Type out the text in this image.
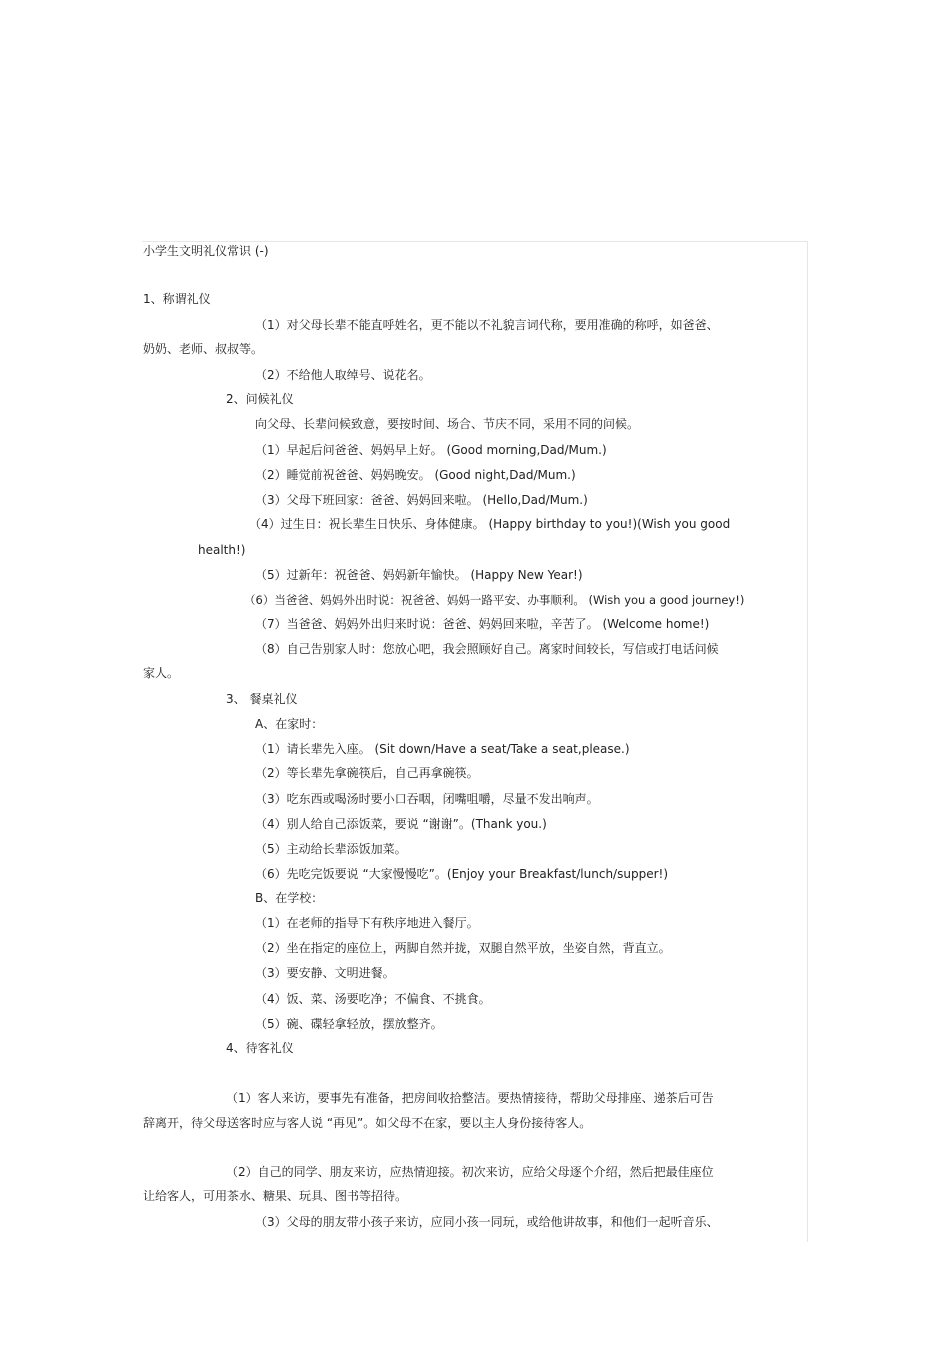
小学生文明礼仪常识 (-)
1、称谓礼仪
（1）对父母长辈不能直呼姓名，更不能以不礼貌言词代称，要用准确的称呼，如爸爸、
奶奶、老师、叔叔等。
（2）不给他人取绰号、说花名。
2、问候礼仪
向父母、长辈问候致意，要按时间、场合、节庆不同，采用不同的问候。
（1）早起后问爸爸、妈妈早上好。 (Good morning,Dad/Mum.)
（2）睡觉前祝爸爸、妈妈晚安。 (Good night,Dad/Mum.)
（3）父母下班回家：爸爸、妈妈回来啦。 (Hello,Dad/Mum.)
（4）过生日：祝长辈生日快乐、身体健康。 (Happy birthday to you!)(Wish you good
health!)
（5）过新年：祝爸爸、妈妈新年愉快。 (Happy New Year!)
（6）当爸爸、妈妈外出时说：祝爸爸、妈妈一路平安、办事顺利。 (Wish you a good journey!)
（7）当爸爸、妈妈外出归来时说：爸爸、妈妈回来啦，辛苦了。 (Welcome home!)
（8）自己告别家人时：您放心吧，我会照顾好自己。离家时间较长，写信或打电话问候
家人。
3、 餐桌礼仪
A、在家时：
（1）请长辈先入座。 (Sit down/Have a seat/Take a seat,please.)
（2）等长辈先拿碗筷后，自己再拿碗筷。
（3）吃东西或喝汤时要小口吞咽，闭嘴咀嚼，尽量不发出响声。
（4）别人给自己添饭菜，要说 “谢谢”。(Thank you.)
（5）主动给长辈添饭加菜。
（6）先吃完饭要说 “大家慢慢吃”。(Enjoy your Breakfast/lunch/supper!)
B、在学校：
（1）在老师的指导下有秩序地进入餐厅。
（2）坐在指定的座位上，两脚自然并拢，双腿自然平放，坐姿自然，背直立。
（3）要安静、文明进餐。
（4）饭、菜、汤要吃净；不偏食、不挑食。
（5）碗、碟轻拿轻放，摆放整齐。
4、待客礼仪
（1）客人来访，要事先有准备，把房间收拾整洁。要热情接待，帮助父母排座、递茶后可告
辞离开，待父母送客时应与客人说 “再见”。如父母不在家，要以主人身份接待客人。
（2）自己的同学、朋友来访，应热情迎接。初次来访，应给父母逐个介绍，然后把最佳座位
让给客人，可用茶水、糖果、玩具、图书等招待。
（3）父母的朋友带小孩子来访，应同小孩一同玩，或给他讲故事，和他们一起听音乐、
